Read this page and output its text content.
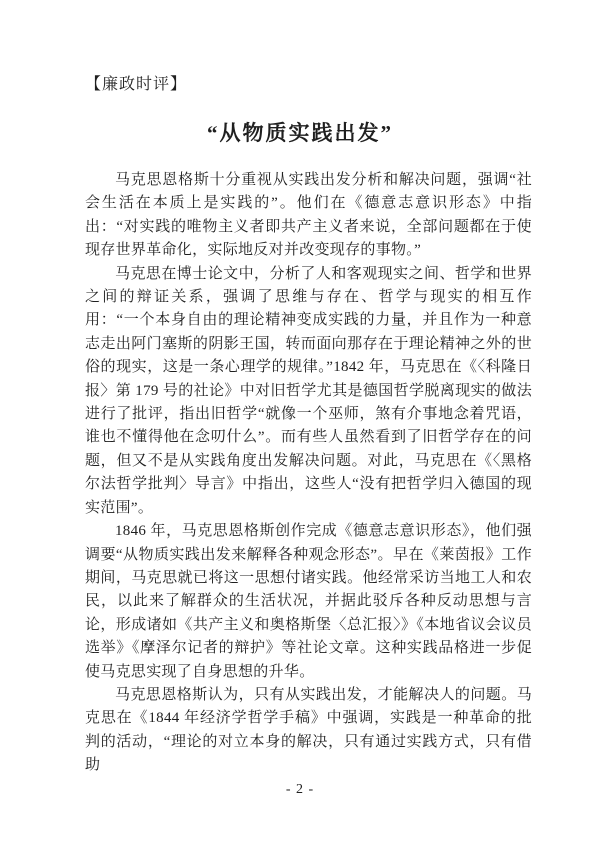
【廉政时评】
“从物质实践出发”

马克思恩格斯十分重视从实践出发分析和解决问题，强调“社会生活在本质上是实践的”。他们在《德意志意识形态》中指出：“对实践的唯物主义者即共产主义者来说，全部问题都在于使现存世界革命化，实际地反对并改变现存的事物。”

马克思在博士论文中，分析了人和客观现实之间、哲学和世界之间的辩证关系，强调了思维与存在、哲学与现实的相互作用：“一个本身自由的理论精神变成实践的力量，并且作为一种意志走出阿门塞斯的阴影王国，转而面向那存在于理论精神之外的世俗的现实，这是一条心理学的规律。”1842 年，马克思在《〈科隆日报〉第 179 号的社论》中对旧哲学尤其是德国哲学脱离现实的做法进行了批评，指出旧哲学“就像一个巫师，煞有介事地念着咒语，谁也不懂得他在念叨什么”。而有些人虽然看到了旧哲学存在的问题，但又不是从实践角度出发解决问题。对此，马克思在《〈黑格尔法哲学批判〉导言》中指出，这些人“没有把哲学归入德国的现实范围”。

1846 年，马克思恩格斯创作完成《德意志意识形态》，他们强调要“从物质实践出发来解释各种观念形态”。早在《莱茵报》工作期间，马克思就已将这一思想付诸实践。他经常采访当地工人和农民，以此来了解群众的生活状况，并据此驳斥各种反动思想与言论，形成诸如《共产主义和奥格斯堡〈总汇报〉》《本地省议会议员选举》《摩泽尔记者的辩护》等社论文章。这种实践品格进一步促使马克思实现了自身思想的升华。

马克思恩格斯认为，只有从实践出发，才能解决人的问题。马克思在《1844 年经济学哲学手稿》中强调，实践是一种革命的批判的活动，“理论的对立本身的解决，只有通过实践方式，只有借助

- 2 -
